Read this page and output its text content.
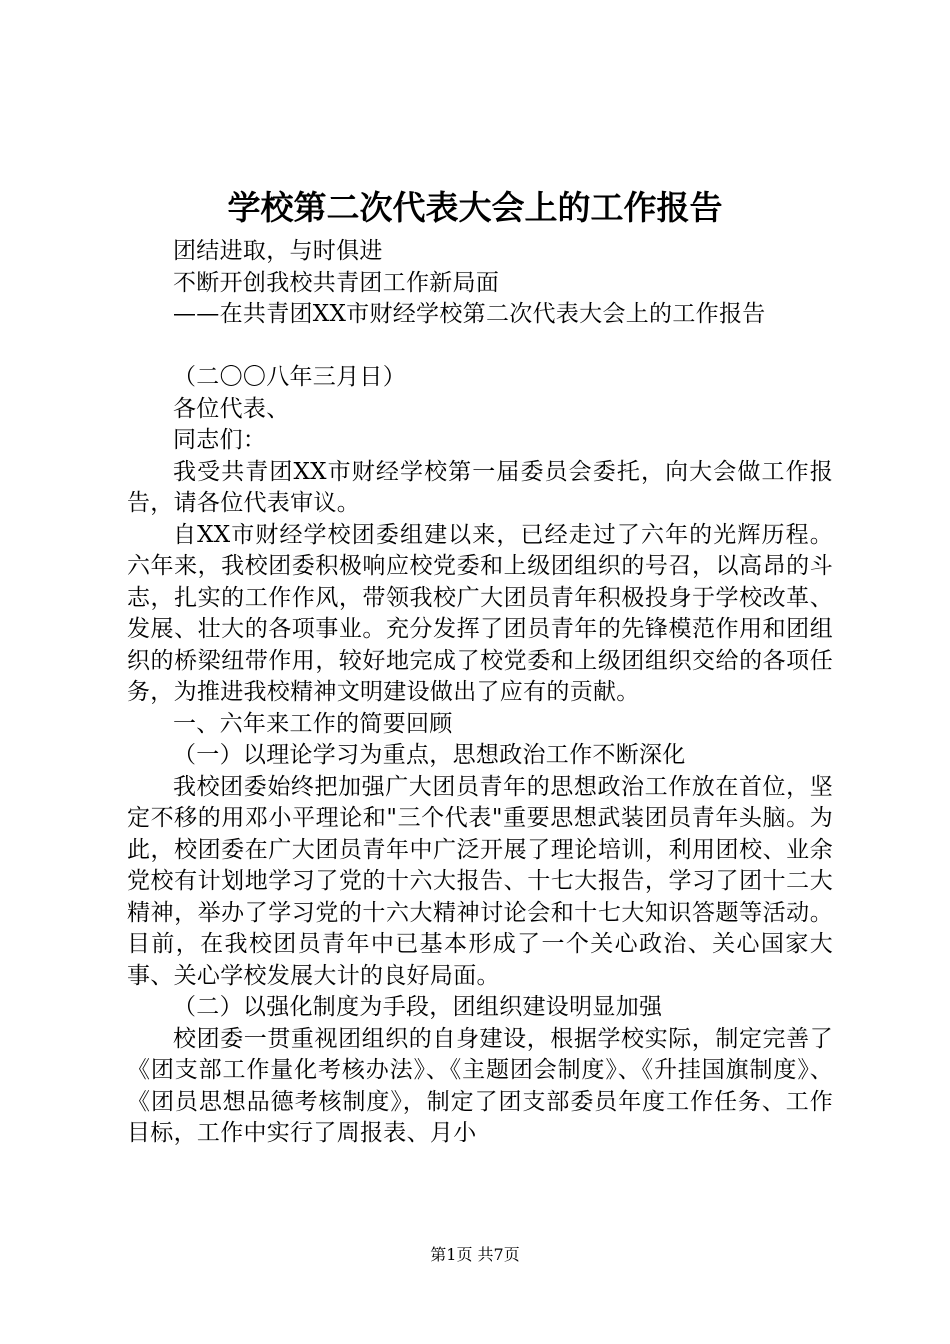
学校第二次代表大会上的工作报告
团结进取，与时俱进
不断开创我校共青团工作新局面
——在共青团XX市财经学校第二次代表大会上的工作报告
（二〇〇八年三月日）
各位代表、
同志们：

我受共青团XX市财经学校第一届委员会委托，向大会做工作报告，请各位代表审议。

自XX市财经学校团委组建以来，已经走过了六年的光辉历程。六年来，我校团委积极响应校党委和上级团组织的号召，以高昂的斗志，扎实的工作作风，带领我校广大团员青年积极投身于学校改革、发展、壮大的各项事业。充分发挥了团员青年的先锋模范作用和团组织的桥梁纽带作用，较好地完成了校党委和上级团组织交给的各项任务，为推进我校精神文明建设做出了应有的贡献。

一、六年来工作的简要回顾
（一）以理论学习为重点，思想政治工作不断深化

我校团委始终把加强广大团员青年的思想政治工作放在首位，坚定不移的用邓小平理论和"三个代表"重要思想武装团员青年头脑。为此，校团委在广大团员青年中广泛开展了理论培训，利用团校、业余党校有计划地学习了党的十六大报告、十七大报告，学习了团十二大精神，举办了学习党的十六大精神讨论会和十七大知识答题等活动。目前，在我校团员青年中已基本形成了一个关心政治、关心国家大事、关心学校发展大计的良好局面。

（二）以强化制度为手段，团组织建设明显加强

校团委一贯重视团组织的自身建设，根据学校实际，制定完善了《团支部工作量化考核办法》、《主题团会制度》、《升挂国旗制度》、《团员思想品德考核制度》，制定了团支部委员年度工作任务、工作目标，工作中实行了周报表、月小

第1页 共7页
